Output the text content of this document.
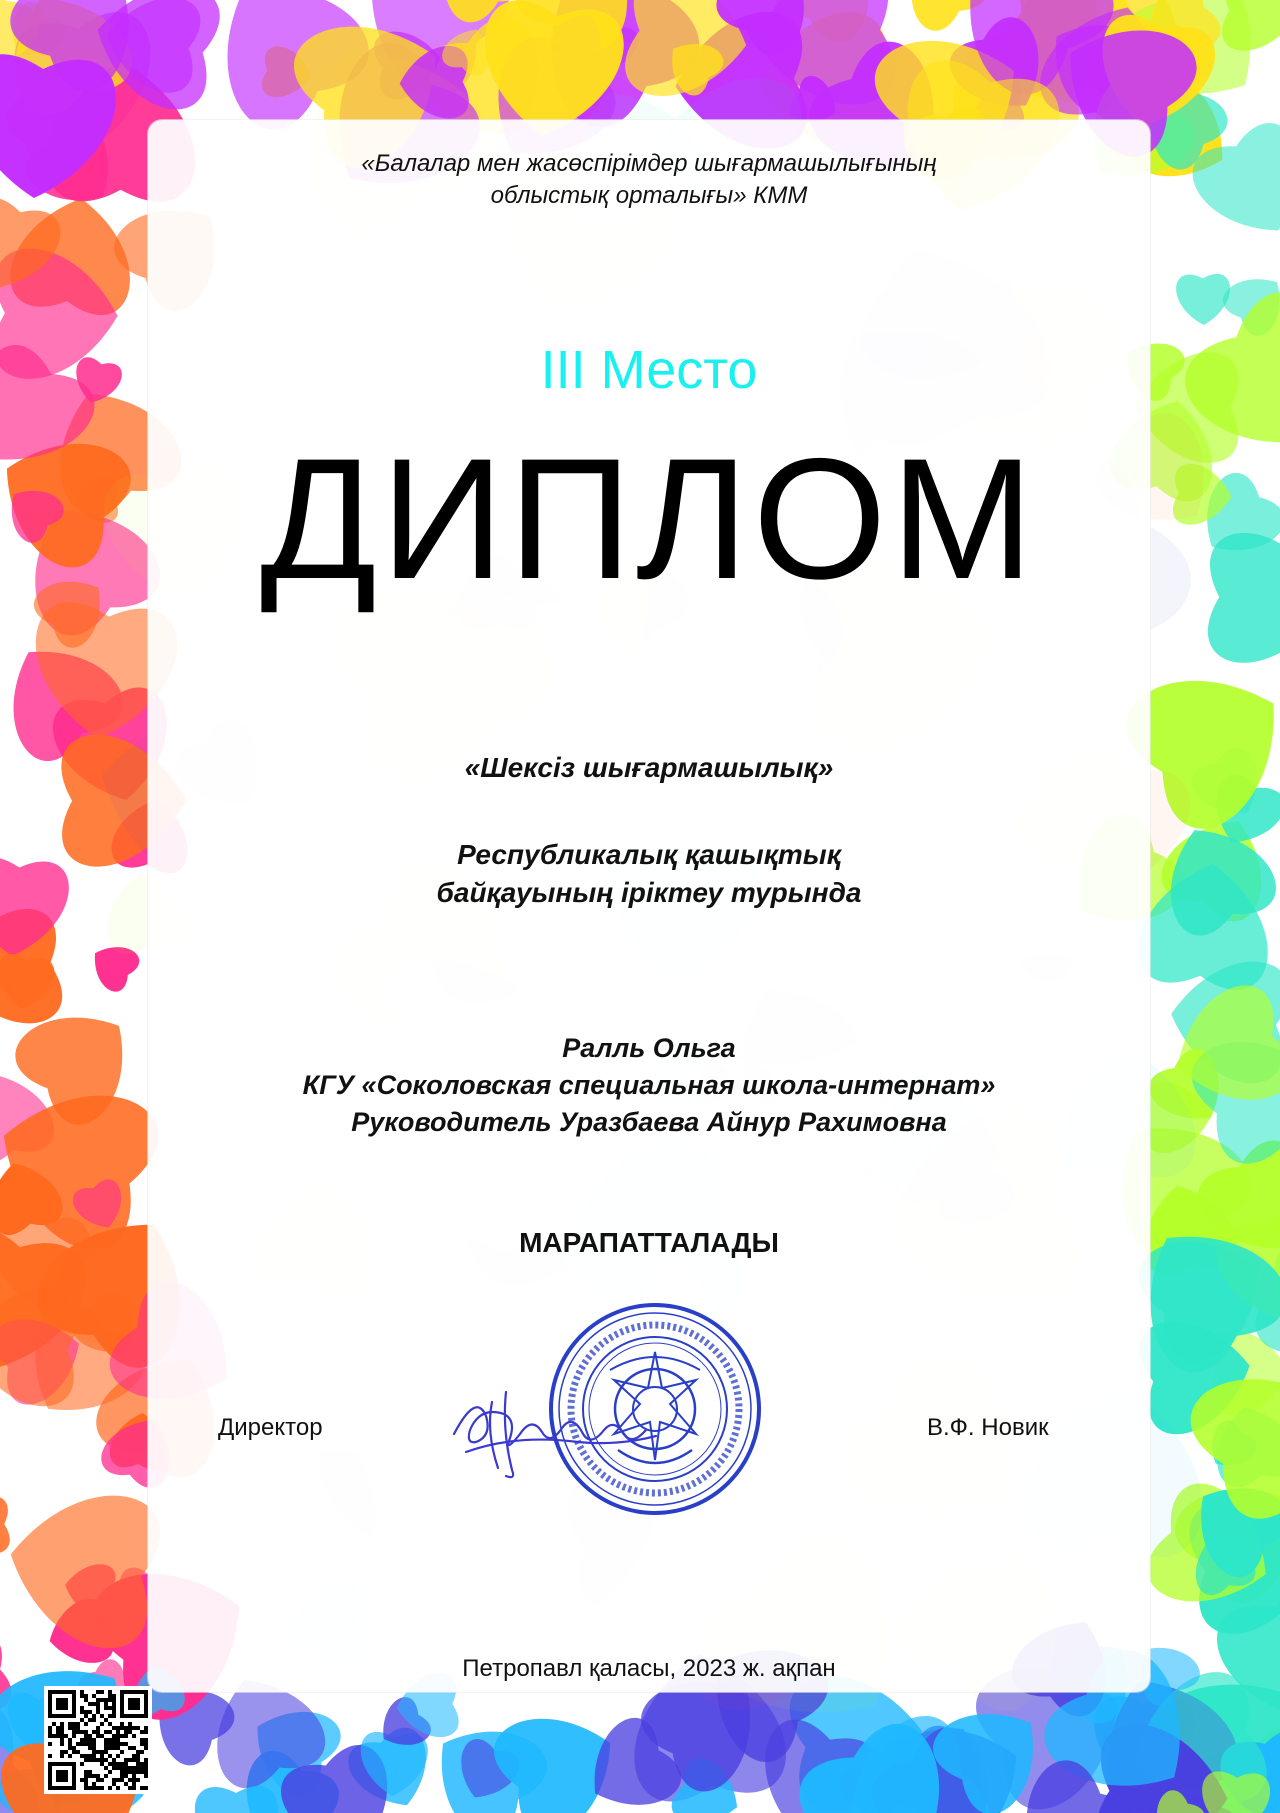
«Балалар мен жасөспірімдер шығармашылығының
облыстық орталығы» КММ
III Место
ДИПЛОМ
«Шексіз шығармашылық»
Республикалық қашықтық
байқауының іріктеу турында
Ралль Ольга
КГУ «Соколовская специальная школа-интернат»
Руководитель Уразбаева Айнур Рахимовна
МАРАПАТТАЛАДЫ
Директор	В.Ф. Новик
Петропавл қаласы, 2023 ж. ақпан
